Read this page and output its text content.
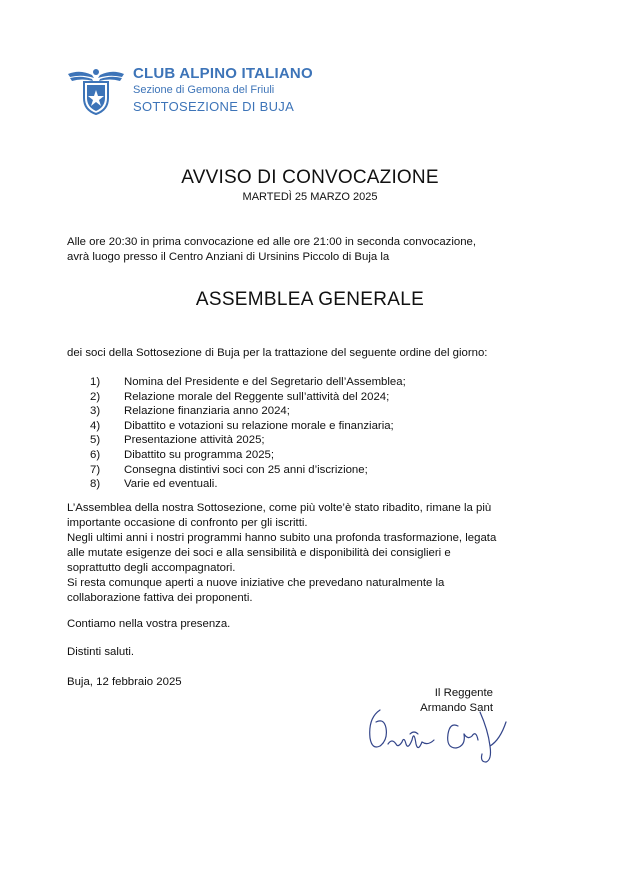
CLUB ALPINO ITALIANO
Sezione di Gemona del Friuli
SOTTOSEZIONE DI BUJA
AVVISO DI CONVOCAZIONE
MARTEDÌ 25 MARZO 2025
Alle ore 20:30 in prima convocazione ed alle ore 21:00 in seconda convocazione,
avrà luogo presso il Centro Anziani di Ursinins Piccolo di Buja la
ASSEMBLEA GENERALE
dei soci della Sottosezione di Buja per la trattazione del seguente ordine del giorno:
1)	Nomina del Presidente e del Segretario dell’Assemblea;
2)	Relazione morale del Reggente sull’attività del 2024;
3)	Relazione finanziaria anno 2024;
4)	Dibattito e votazioni su relazione morale e finanziaria;
5)	Presentazione attività 2025;
6)	Dibattito su programma 2025;
7)	Consegna distintivi soci con 25 anni d’iscrizione;
8)	Varie ed eventuali.
L’Assemblea della nostra Sottosezione, come più volte’è stato ribadito, rimane la più
importante occasione di confronto per gli iscritti.
Negli ultimi anni i nostri programmi hanno subito una profonda trasformazione, legata
alle mutate esigenze dei soci e alla sensibilità e disponibilità dei consiglieri e
soprattutto degli accompagnatori.
Si resta comunque aperti a nuove iniziative che prevedano naturalmente la
collaborazione fattiva dei proponenti.
Contiamo nella vostra presenza.
Distinti saluti.
Buja, 12 febbraio 2025
Il Reggente
Armando Sant
